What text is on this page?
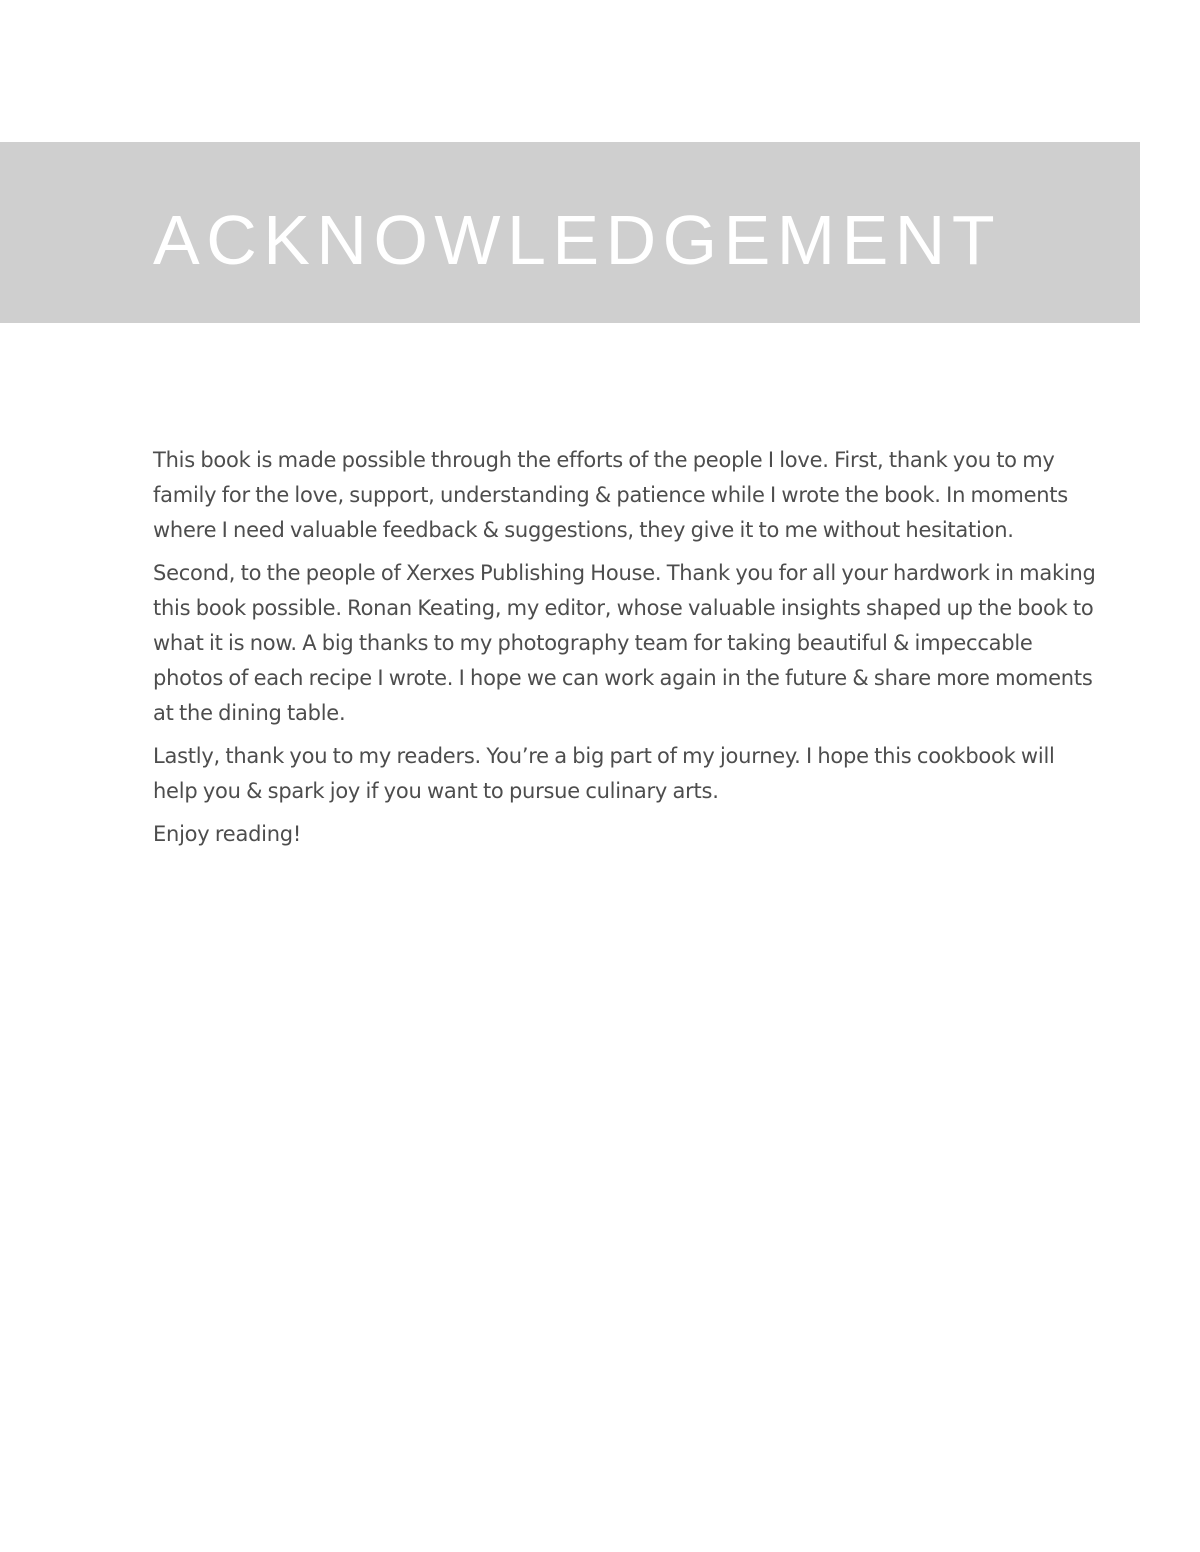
ACKNOWLEDGEMENT

This book is made possible through the efforts of the people I love. First, thank you to my family for the love, support, understanding & patience while I wrote the book. In moments where I need valuable feedback & suggestions, they give it to me without hesitation.

Second, to the people of Xerxes Publishing House. Thank you for all your hardwork in making this book possible. Ronan Keating, my editor, whose valuable insights shaped up the book to what it is now. A big thanks to my photography team for taking beautiful & impeccable photos of each recipe I wrote. I hope we can work again in the future & share more moments at the dining table.

Lastly, thank you to my readers. You’re a big part of my journey. I hope this cookbook will help you & spark joy if you want to pursue culinary arts.

Enjoy reading!
